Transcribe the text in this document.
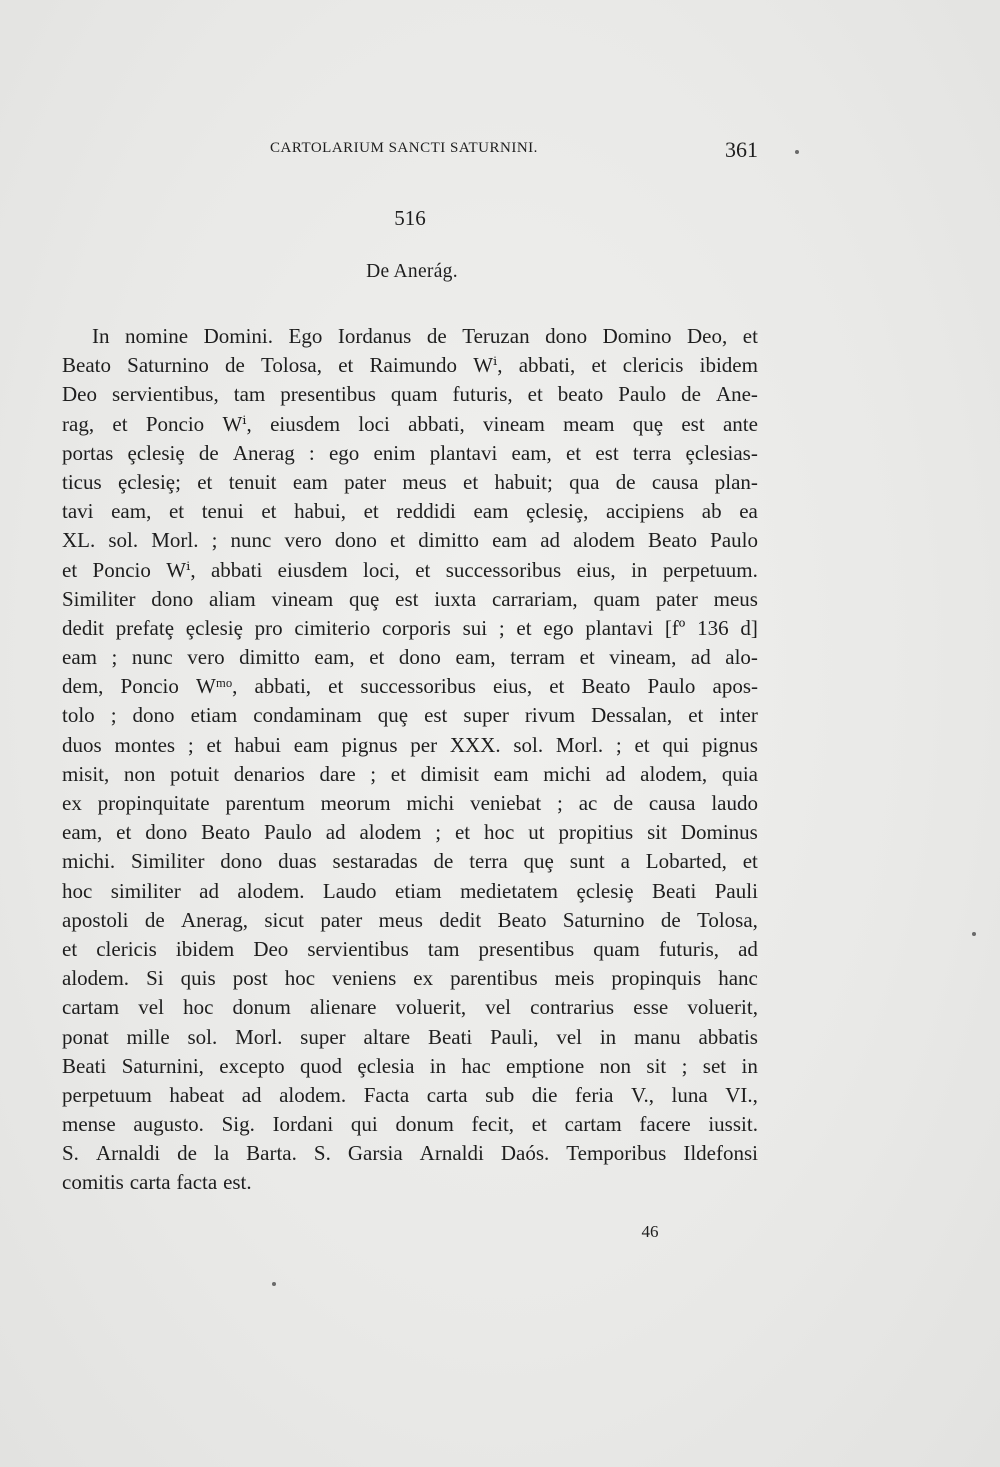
CARTOLARIUM SANCTI SATURNINI.	361
516
De Anerág.
In nomine Domini. Ego Iordanus de Teruzan dono Domino Deo, et
Beato Saturnino de Tolosa, et Raimundo Wⁱ, abbati, et clericis ibidem
Deo servientibus, tam presentibus quam futuris, et beato Paulo de Ane-
rag, et Poncio Wⁱ, eiusdem loci abbati, vineam meam quȩ est ante
portas ȩclesiȩ de Anerag : ego enim plantavi eam, et est terra ȩclesias-
ticus ȩclesiȩ; et tenuit eam pater meus et habuit; qua de causa plan-
tavi eam, et tenui et habui, et reddidi eam ȩclesiȩ, accipiens ab ea
XL. sol. Morl. ; nunc vero dono et dimitto eam ad alodem Beato Paulo
et Poncio Wⁱ, abbati eiusdem loci, et successoribus eius, in perpetuum.
Similiter dono aliam vineam quȩ est iuxta carrariam, quam pater meus
dedit prefatȩ ȩclesiȩ pro cimiterio corporis sui ; et ego plantavi [fº 136 d]
eam ; nunc vero dimitto eam, et dono eam, terram et vineam, ad alo-
dem, Poncio Wᵐᵒ, abbati, et successoribus eius, et Beato Paulo apos-
tolo ; dono etiam condaminam quȩ est super rivum Dessalan, et inter
duos montes ; et habui eam pignus per XXX. sol. Morl. ; et qui pignus
misit, non potuit denarios dare ; et dimisit eam michi ad alodem, quia
ex propinquitate parentum meorum michi veniebat ; ac de causa laudo
eam, et dono Beato Paulo ad alodem ; et hoc ut propitius sit Dominus
michi. Similiter dono duas sestaradas de terra quȩ sunt a Lobarted, et
hoc similiter ad alodem. Laudo etiam medietatem ȩclesiȩ Beati Pauli
apostoli de Anerag, sicut pater meus dedit Beato Saturnino de Tolosa,
et clericis ibidem Deo servientibus tam presentibus quam futuris, ad
alodem. Si quis post hoc veniens ex parentibus meis propinquis hanc
cartam vel hoc donum alienare voluerit, vel contrarius esse voluerit,
ponat mille sol. Morl. super altare Beati Pauli, vel in manu abbatis
Beati Saturnini, excepto quod ȩclesia in hac emptione non sit ; set in
perpetuum habeat ad alodem. Facta carta sub die feria V., luna VI.,
mense augusto. Sig. Iordani qui donum fecit, et cartam facere iussit.
S. Arnaldi de la Barta. S. Garsia Arnaldi Daós. Temporibus Ildefonsi
comitis carta facta est.
46
